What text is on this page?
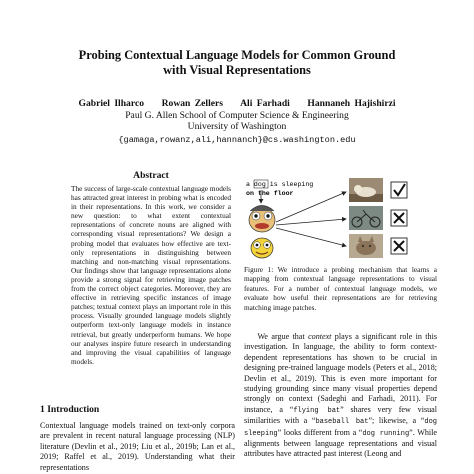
Probing Contextual Language Models for Common Ground
with Visual Representations
Gabriel Ilharco Rowan Zellers Ali Farhadi Hannaneh Hajishirzi
Paul G. Allen School of Computer Science & Engineering
University of Washington
{gamaga,rowanz,ali,hannanch}@cs.washington.edu
Abstract

The success of large-scale contextual language models has attracted great interest in probing what is encoded in their representations. In this work, we consider a new question: to what extent contextual representations of concrete nouns are aligned with corresponding visual representations? We design a probing model that evaluates how effective are text-only representations in distinguishing between matching and non-matching visual representations. Our findings show that language representations alone provide a strong signal for retrieving image patches from the correct object categories. Moreover, they are effective in retrieving specific instances of image patches; textual context plays an important role in this process. Visually grounded language models slightly outperform text-only language models in instance retrieval, but greatly underperform humans. We hope our analyses inspire future research in understanding and improving the visual capabilities of language models.

1 Introduction

Contextual language models trained on text-only corpora are prevalent in recent natural language processing (NLP) literature (Devlin et al., 2019; Liu et al., 2019b; Lan et al., 2019; Raffel et al., 2019). Understanding what their representations

a dog is sleeping
on the floor

Figure 1: We introduce a probing mechanism that learns a mapping from contextual language representations to visual features. For a number of contextual language models, we evaluate how useful their representations are for retrieving matching image patches.

We argue that context plays a significant role in this investigation. In language, the ability to form context-dependent representations has shown to be crucial in designing pre-trained language models (Peters et al., 2018; Devlin et al., 2019). This is even more important for studying grounding since many visual properties depend strongly on context (Sadeghi and Farhadi, 2011). For instance, a “flying bat” shares very few visual similarities with a “baseball bat”; likewise, a “dog sleeping” looks different from a “dog running”. While alignments between language representations and visual attributes have attracted past interest (Leong and
